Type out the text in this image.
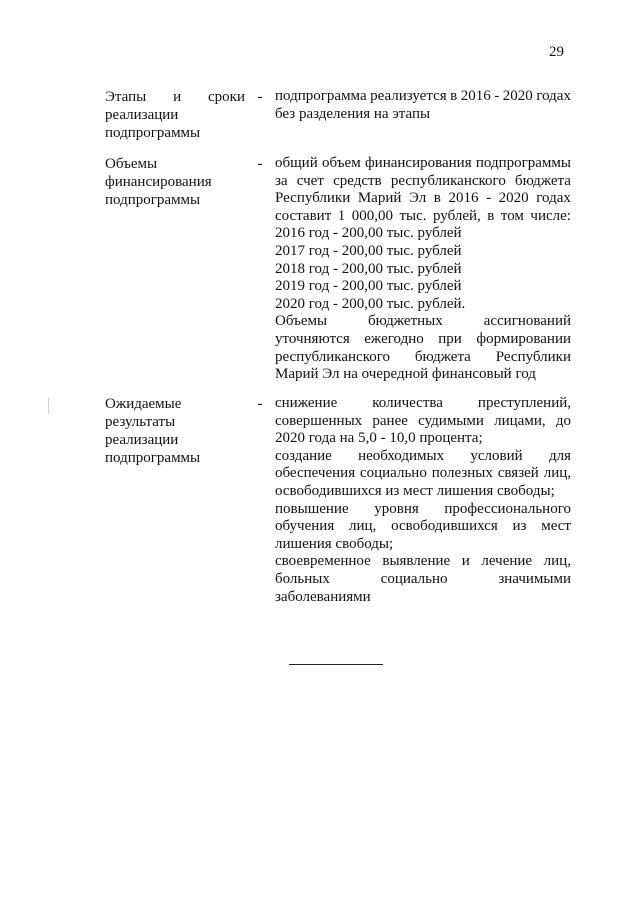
29
Этапы и сроки
реализации
подпрограммы
- подпрограмма реализуется в 2016 - 2020 годах
без разделения на этапы
Объемы
финансирования
подпрограммы
- общий объем финансирования подпрограммы
за счет средств республиканского бюджета
Республики Марий Эл в 2016 - 2020 годах
составит 1 000,00 тыс. рублей, в том числе:
2016 год - 200,00 тыс. рублей
2017 год - 200,00 тыс. рублей
2018 год - 200,00 тыс. рублей
2019 год - 200,00 тыс. рублей
2020 год - 200,00 тыс. рублей.
Объемы	бюджетных	ассигнований
уточняются ежегодно при формировании
республиканского бюджета Республики
Марий Эл на очередной финансовый год
Ожидаемые
результаты
реализации
подпрограммы
- снижение количества преступлений,
совершенных ранее судимыми лицами, до
2020 года на 5,0 - 10,0 процента;
создание необходимых условий для
обеспечения социально полезных связей лиц,
освободившихся из мест лишения свободы;
повышение уровня профессионального
обучения лиц, освободившихся из мест
лишения свободы;
своевременное выявление и лечение лиц,
больных	социально	значимыми
заболеваниями
